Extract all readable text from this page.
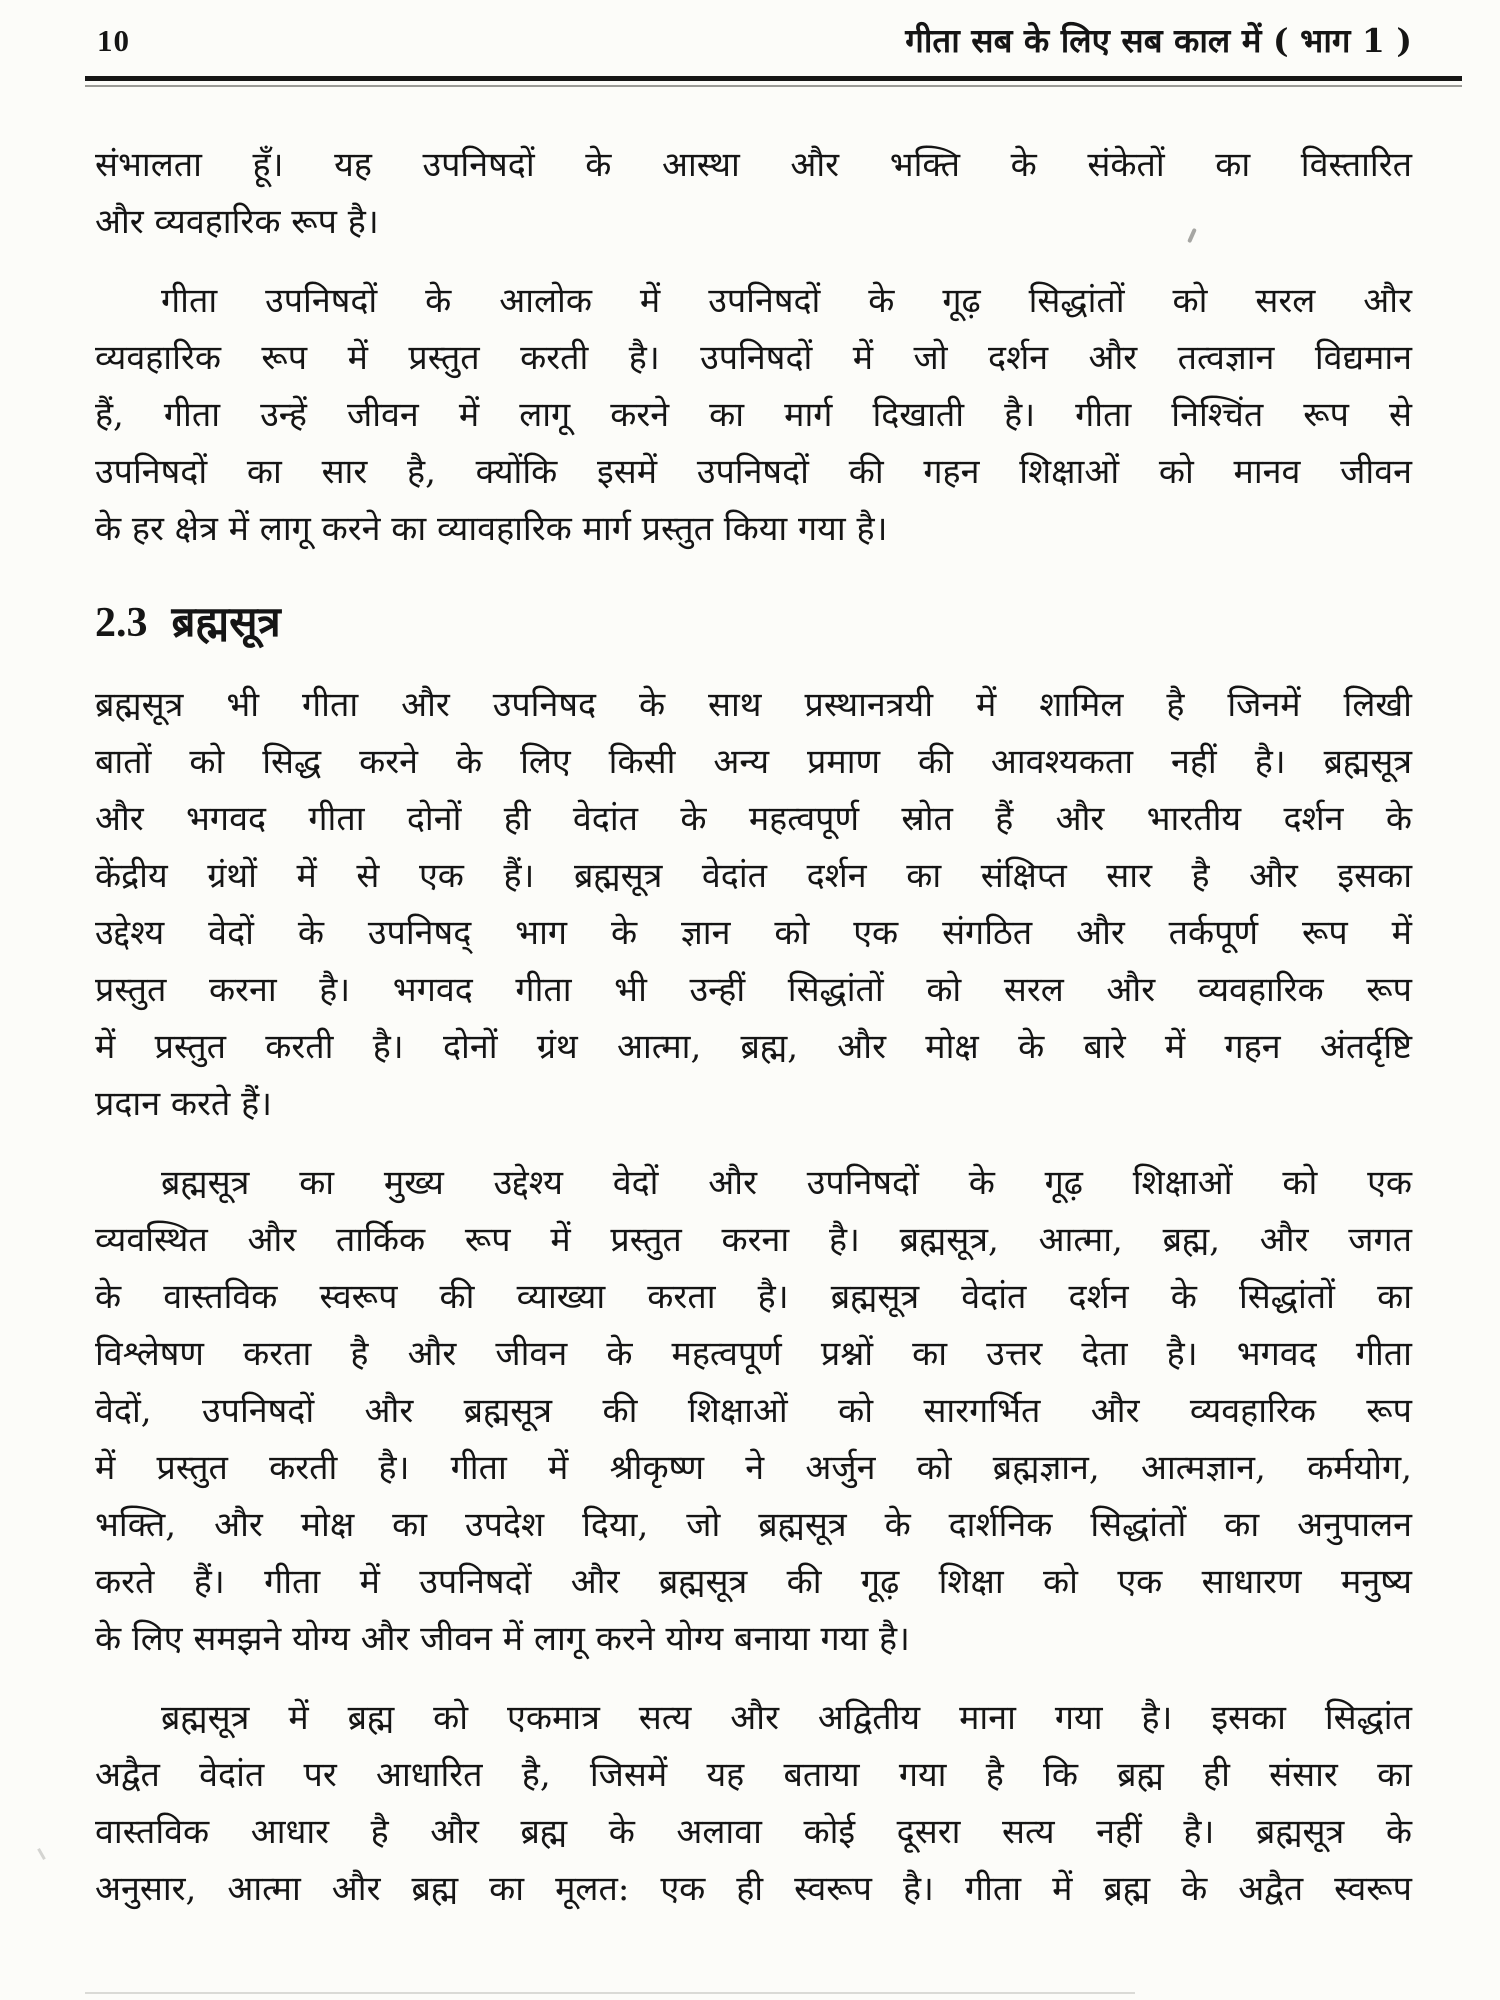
10	गीता सब के लिए सब काल में ( भाग 1 )
संभालता हूँ। यह उपनिषदों के आस्था और भक्ति के संकेतों का विस्तारित
और व्यवहारिक रूप है।
गीता उपनिषदों के आलोक में उपनिषदों के गूढ़ सिद्धांतों को सरल और
व्यवहारिक रूप में प्रस्तुत करती है। उपनिषदों में जो दर्शन और तत्वज्ञान विद्यमान
हैं, गीता उन्हें जीवन में लागू करने का मार्ग दिखाती है। गीता निश्चिंत रूप से
उपनिषदों का सार है, क्योंकि इसमें उपनिषदों की गहन शिक्षाओं को मानव जीवन
के हर क्षेत्र में लागू करने का व्यावहारिक मार्ग प्रस्तुत किया गया है।
2.3 ब्रह्मसूत्र
ब्रह्मसूत्र भी गीता और उपनिषद के साथ प्रस्थानत्रयी में शामिल है जिनमें लिखी
बातों को सिद्ध करने के लिए किसी अन्य प्रमाण की आवश्यकता नहीं है। ब्रह्मसूत्र
और भगवद गीता दोनों ही वेदांत के महत्वपूर्ण स्रोत हैं और भारतीय दर्शन के
केंद्रीय ग्रंथों में से एक हैं। ब्रह्मसूत्र वेदांत दर्शन का संक्षिप्त सार है और इसका
उद्देश्य वेदों के उपनिषद् भाग के ज्ञान को एक संगठित और तर्कपूर्ण रूप में
प्रस्तुत करना है। भगवद गीता भी उन्हीं सिद्धांतों को सरल और व्यवहारिक रूप
में प्रस्तुत करती है। दोनों ग्रंथ आत्मा, ब्रह्म, और मोक्ष के बारे में गहन अंतर्दृष्टि
प्रदान करते हैं।
ब्रह्मसूत्र का मुख्य उद्देश्य वेदों और उपनिषदों के गूढ़ शिक्षाओं को एक
व्यवस्थित और तार्किक रूप में प्रस्तुत करना है। ब्रह्मसूत्र, आत्मा, ब्रह्म, और जगत
के वास्तविक स्वरूप की व्याख्या करता है। ब्रह्मसूत्र वेदांत दर्शन के सिद्धांतों का
विश्लेषण करता है और जीवन के महत्वपूर्ण प्रश्नों का उत्तर देता है। भगवद गीता
वेदों, उपनिषदों और ब्रह्मसूत्र की शिक्षाओं को सारगर्भित और व्यवहारिक रूप
में प्रस्तुत करती है। गीता में श्रीकृष्ण ने अर्जुन को ब्रह्मज्ञान, आत्मज्ञान, कर्मयोग,
भक्ति, और मोक्ष का उपदेश दिया, जो ब्रह्मसूत्र के दार्शनिक सिद्धांतों का अनुपालन
करते हैं। गीता में उपनिषदों और ब्रह्मसूत्र की गूढ़ शिक्षा को एक साधारण मनुष्य
के लिए समझने योग्य और जीवन में लागू करने योग्य बनाया गया है।
ब्रह्मसूत्र में ब्रह्म को एकमात्र सत्य और अद्वितीय माना गया है। इसका सिद्धांत
अद्वैत वेदांत पर आधारित है, जिसमें यह बताया गया है कि ब्रह्म ही संसार का
वास्तविक आधार है और ब्रह्म के अलावा कोई दूसरा सत्य नहीं है। ब्रह्मसूत्र के
अनुसार, आत्मा और ब्रह्म का मूलत: एक ही स्वरूप है। गीता में ब्रह्म के अद्वैत स्वरूप
